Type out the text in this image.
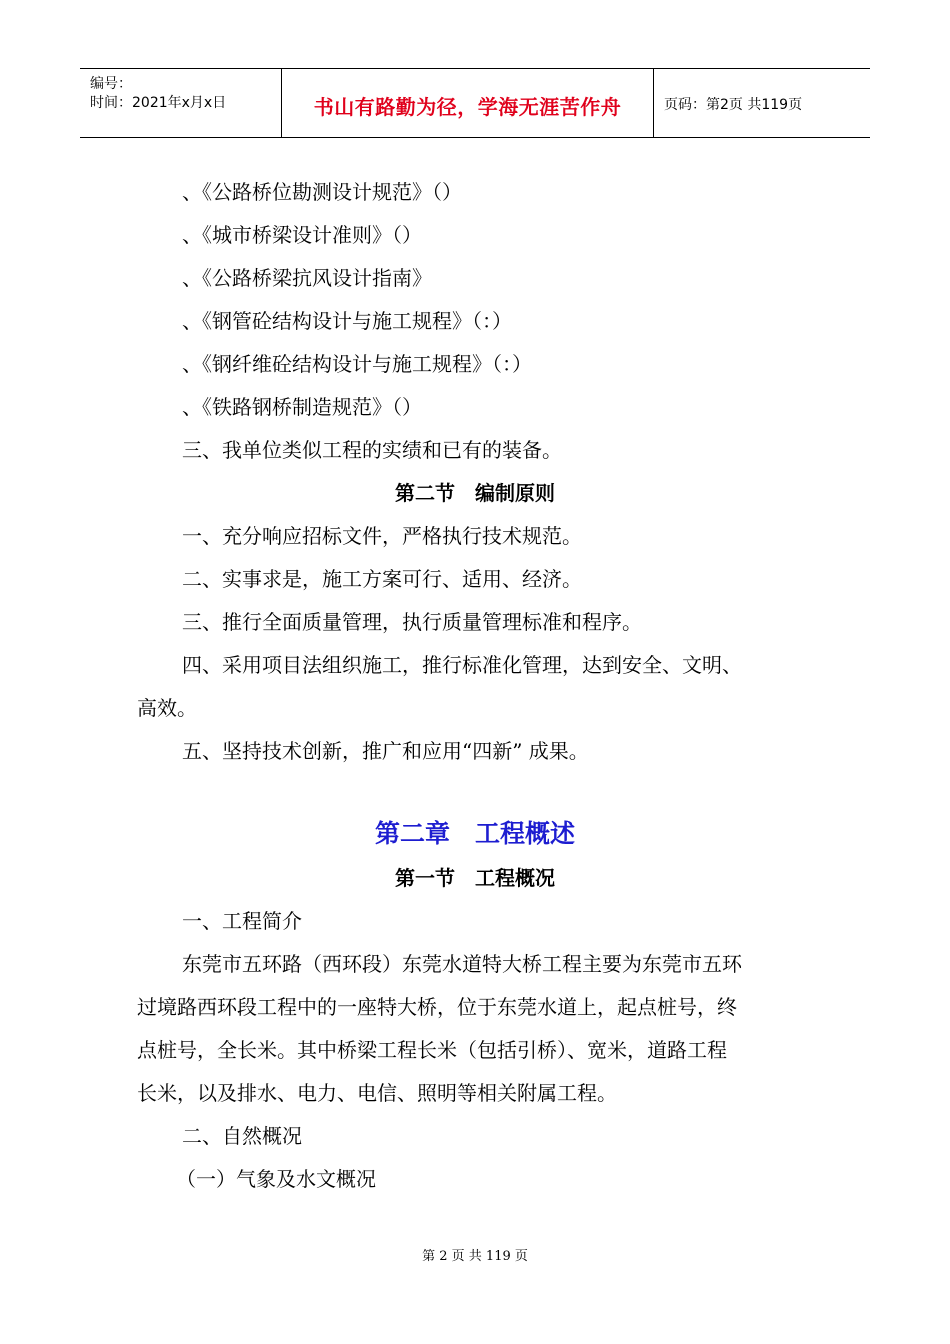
编号：
时间：2021年x月x日	书山有路勤为径，学海无涯苦作舟	页码：第2页 共119页
、《公路桥位勘测设计规范》（）
、《城市桥梁设计准则》（）
、《公路桥梁抗风设计指南》
、《钢管砼结构设计与施工规程》（：）
、《钢纤维砼结构设计与施工规程》（：）
、《铁路钢桥制造规范》（）
三、我单位类似工程的实绩和已有的装备。
第二节　编制原则
一、充分响应招标文件，严格执行技术规范。
二、实事求是，施工方案可行、适用、经济。
三、推行全面质量管理，执行质量管理标准和程序。
四、采用项目法组织施工，推行标准化管理，达到安全、文明、
高效。
五、坚持技术创新，推广和应用“四新” 成果。
第二章　工程概述
第一节　工程概况
一、工程简介
东莞市五环路（西环段）东莞水道特大桥工程主要为东莞市五环
过境路西环段工程中的一座特大桥，位于东莞水道上，起点桩号，终
点桩号，全长米。其中桥梁工程长米（包括引桥）、宽米，道路工程
长米，以及排水、电力、电信、照明等相关附属工程。
二、自然概况
（一）气象及水文概况
第 2 页 共 119 页
